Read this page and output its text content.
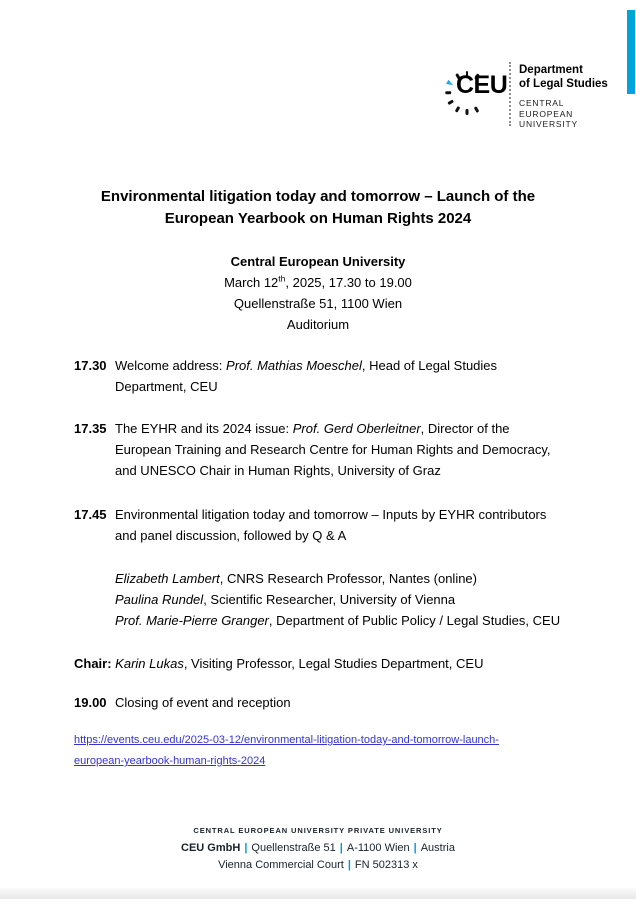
CEU
Department
of Legal Studies
CENTRAL
EUROPEAN
UNIVERSITY
Environmental litigation today and tomorrow – Launch of the European Yearbook on Human Rights 2024
Central European University
March 12th, 2025, 17.30 to 19.00
Quellenstraße 51, 1100 Wien
Auditorium
17.30 Welcome address: Prof. Mathias Moeschel, Head of Legal Studies Department, CEU
17.35 The EYHR and its 2024 issue: Prof. Gerd Oberleitner, Director of the European Training and Research Centre for Human Rights and Democracy, and UNESCO Chair in Human Rights, University of Graz
17.45 Environmental litigation today and tomorrow – Inputs by EYHR contributors and panel discussion, followed by Q & A
Elizabeth Lambert, CNRS Research Professor, Nantes (online)
Paulina Rundel, Scientific Researcher, University of Vienna
Prof. Marie-Pierre Granger, Department of Public Policy / Legal Studies, CEU
Chair: Karin Lukas, Visiting Professor, Legal Studies Department, CEU
19.00 Closing of event and reception
https://events.ceu.edu/2025-03-12/environmental-litigation-today-and-tomorrow-launch-
european-yearbook-human-rights-2024
CENTRAL EUROPEAN UNIVERSITY PRIVATE UNIVERSITY
CEU GmbH | Quellenstraße 51 | A-1100 Wien | Austria
Vienna Commercial Court | FN 502313 x
